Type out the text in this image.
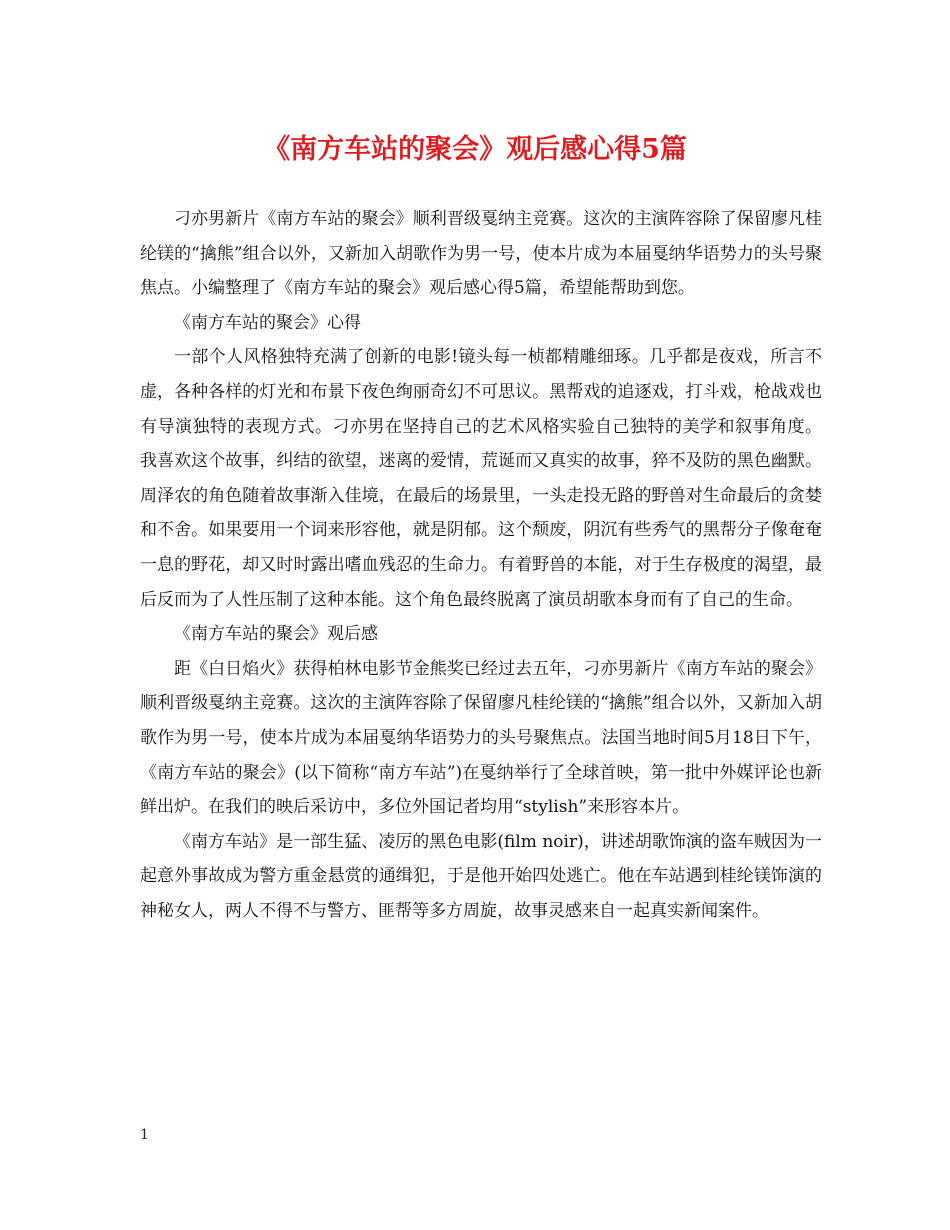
《南方车站的聚会》观后感心得5篇

刁亦男新片《南方车站的聚会》顺利晋级戛纳主竞赛。这次的主演阵容除了保留廖凡桂纶镁的“擒熊”组合以外，又新加入胡歌作为男一号，使本片成为本届戛纳华语势力的头号聚焦点。小编整理了《南方车站的聚会》观后感心得5篇，希望能帮助到您。

《南方车站的聚会》心得

一部个人风格独特充满了创新的电影!镜头每一桢都精雕细琢。几乎都是夜戏，所言不虚，各种各样的灯光和布景下夜色绚丽奇幻不可思议。黑帮戏的追逐戏，打斗戏，枪战戏也有导演独特的表现方式。刁亦男在坚持自己的艺术风格实验自己独特的美学和叙事角度。 我喜欢这个故事，纠结的欲望，迷离的爱情，荒诞而又真实的故事，猝不及防的黑色幽默。 周泽农的角色随着故事渐入佳境，在最后的场景里，一头走投无路的野兽对生命最后的贪婪和不舍。如果要用一个词来形容他，就是阴郁。这个颓废，阴沉有些秀气的黑帮分子像奄奄一息的野花，却又时时露出嗜血残忍的生命力。有着野兽的本能，对于生存极度的渴望，最后反而为了人性压制了这种本能。这个角色最终脱离了演员胡歌本身而有了自己的生命。

《南方车站的聚会》观后感

距《白日焰火》获得柏林电影节金熊奖已经过去五年，刁亦男新片《南方车站的聚会》顺利晋级戛纳主竞赛。这次的主演阵容除了保留廖凡桂纶镁的“擒熊”组合以外，又新加入胡歌作为男一号，使本片成为本届戛纳华语势力的头号聚焦点。法国当地时间5月18日下午，《南方车站的聚会》(以下简称“南方车站”)在戛纳举行了全球首映，第一批中外媒评论也新鲜出炉。在我们的映后采访中，多位外国记者均用“stylish”来形容本片。

《南方车站》是一部生猛、凌厉的黑色电影(film noir)，讲述胡歌饰演的盗车贼因为一起意外事故成为警方重金悬赏的通缉犯，于是他开始四处逃亡。他在车站遇到桂纶镁饰演的神秘女人，两人不得不与警方、匪帮等多方周旋，故事灵感来自一起真实新闻案件。

1
